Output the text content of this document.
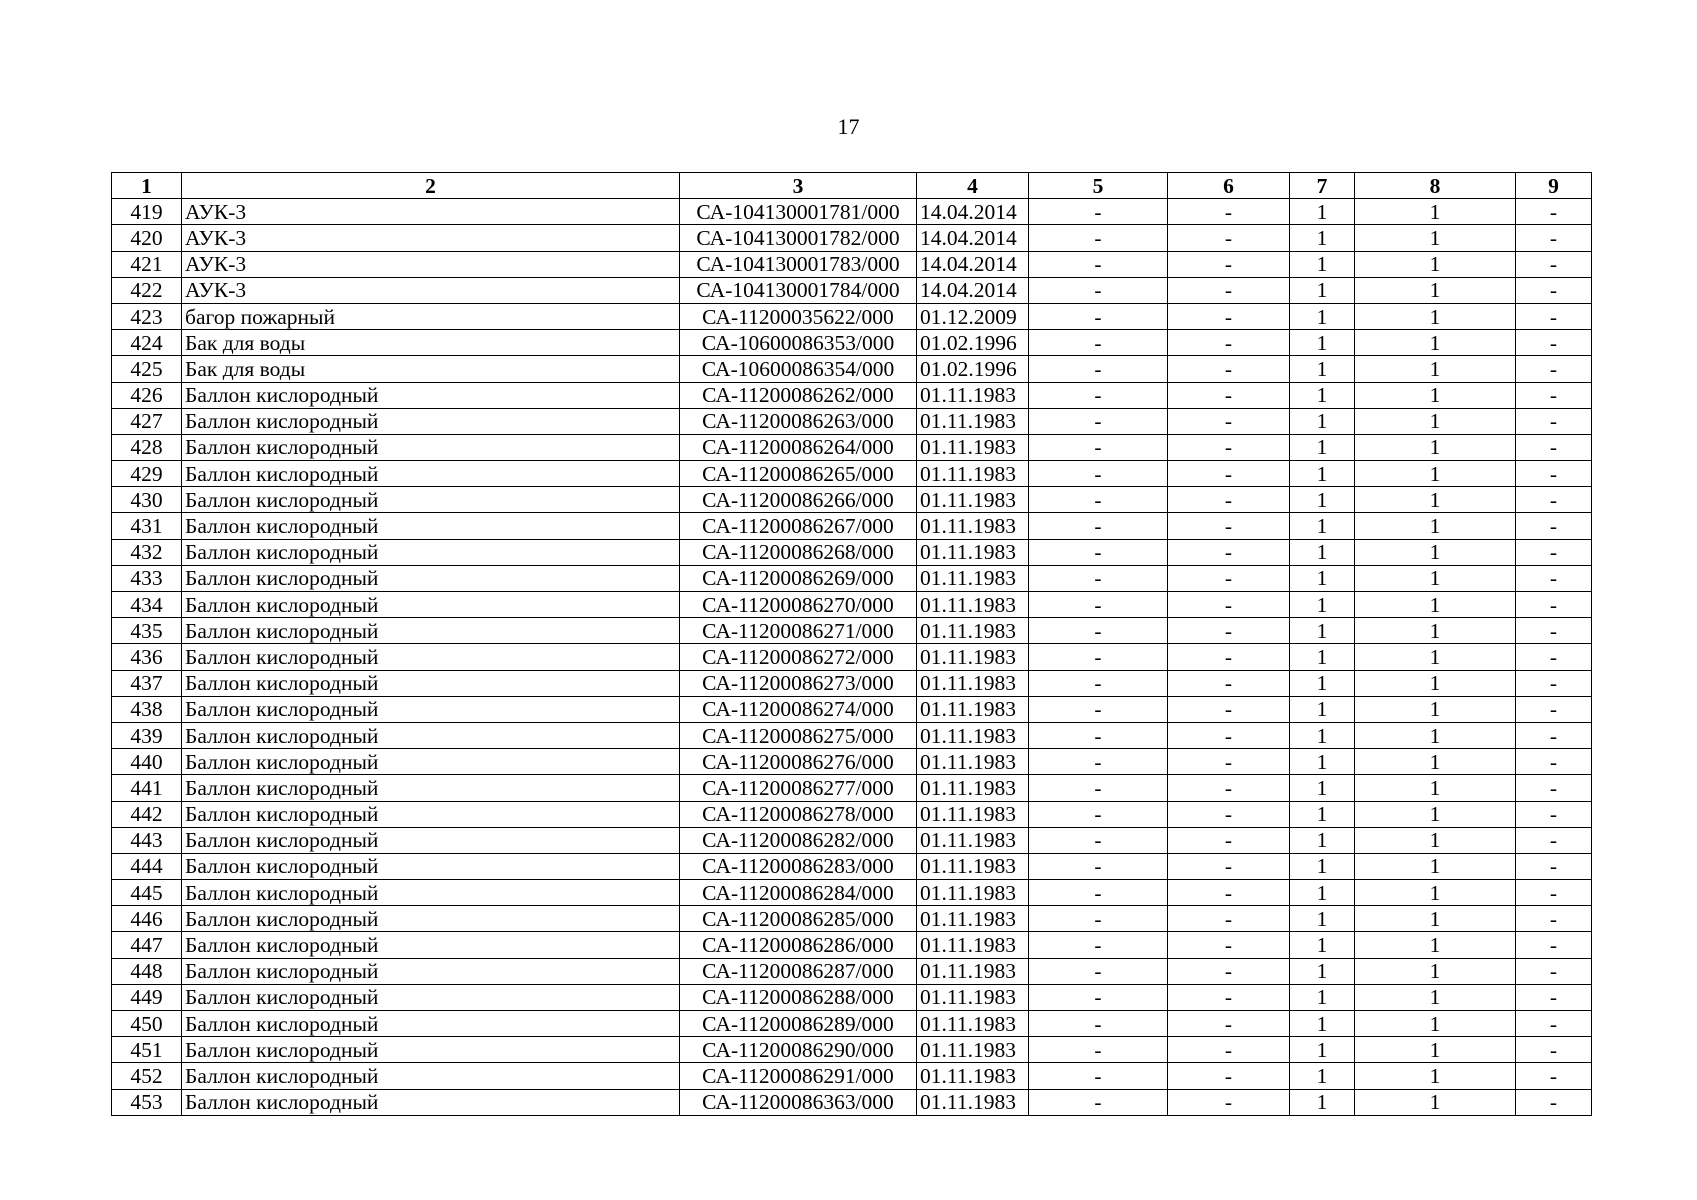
17
1	2	3	4	5	6	7	8	9
419	АУК-3	СА-104130001781/000	14.04.2014	-	-	1	1	-
420	АУК-3	СА-104130001782/000	14.04.2014	-	-	1	1	-
421	АУК-3	СА-104130001783/000	14.04.2014	-	-	1	1	-
422	АУК-3	СА-104130001784/000	14.04.2014	-	-	1	1	-
423	багор пожарный	СА-11200035622/000	01.12.2009	-	-	1	1	-
424	Бак для воды	СА-10600086353/000	01.02.1996	-	-	1	1	-
425	Бак для воды	СА-10600086354/000	01.02.1996	-	-	1	1	-
426	Баллон кислородный	СА-11200086262/000	01.11.1983	-	-	1	1	-
427	Баллон кислородный	СА-11200086263/000	01.11.1983	-	-	1	1	-
428	Баллон кислородный	СА-11200086264/000	01.11.1983	-	-	1	1	-
429	Баллон кислородный	СА-11200086265/000	01.11.1983	-	-	1	1	-
430	Баллон кислородный	СА-11200086266/000	01.11.1983	-	-	1	1	-
431	Баллон кислородный	СА-11200086267/000	01.11.1983	-	-	1	1	-
432	Баллон кислородный	СА-11200086268/000	01.11.1983	-	-	1	1	-
433	Баллон кислородный	СА-11200086269/000	01.11.1983	-	-	1	1	-
434	Баллон кислородный	СА-11200086270/000	01.11.1983	-	-	1	1	-
435	Баллон кислородный	СА-11200086271/000	01.11.1983	-	-	1	1	-
436	Баллон кислородный	СА-11200086272/000	01.11.1983	-	-	1	1	-
437	Баллон кислородный	СА-11200086273/000	01.11.1983	-	-	1	1	-
438	Баллон кислородный	СА-11200086274/000	01.11.1983	-	-	1	1	-
439	Баллон кислородный	СА-11200086275/000	01.11.1983	-	-	1	1	-
440	Баллон кислородный	СА-11200086276/000	01.11.1983	-	-	1	1	-
441	Баллон кислородный	СА-11200086277/000	01.11.1983	-	-	1	1	-
442	Баллон кислородный	СА-11200086278/000	01.11.1983	-	-	1	1	-
443	Баллон кислородный	СА-11200086282/000	01.11.1983	-	-	1	1	-
444	Баллон кислородный	СА-11200086283/000	01.11.1983	-	-	1	1	-
445	Баллон кислородный	СА-11200086284/000	01.11.1983	-	-	1	1	-
446	Баллон кислородный	СА-11200086285/000	01.11.1983	-	-	1	1	-
447	Баллон кислородный	СА-11200086286/000	01.11.1983	-	-	1	1	-
448	Баллон кислородный	СА-11200086287/000	01.11.1983	-	-	1	1	-
449	Баллон кислородный	СА-11200086288/000	01.11.1983	-	-	1	1	-
450	Баллон кислородный	СА-11200086289/000	01.11.1983	-	-	1	1	-
451	Баллон кислородный	СА-11200086290/000	01.11.1983	-	-	1	1	-
452	Баллон кислородный	СА-11200086291/000	01.11.1983	-	-	1	1	-
453	Баллон кислородный	СА-11200086363/000	01.11.1983	-	-	1	1	-
